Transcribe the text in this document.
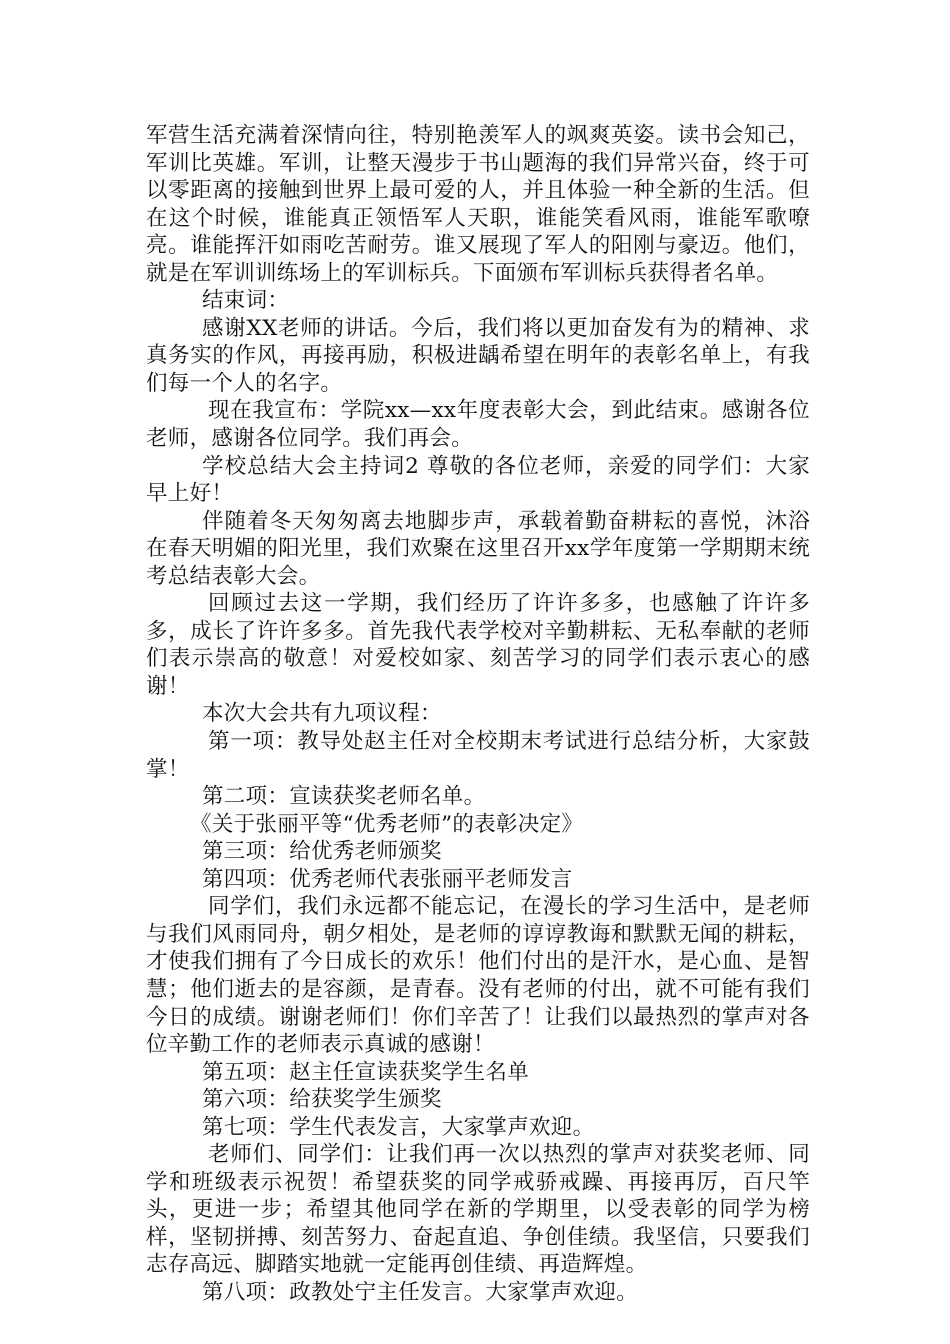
军营生活充满着深情向往，特别艳羡军人的飒爽英姿。读书会知己，军训比英雄。军训，让整天漫步于书山题海的我们异常兴奋，终于可以零距离的接触到世界上最可爱的人，并且体验一种全新的生活。但在这个时候，谁能真正领悟军人天职，谁能笑看风雨，谁能军歌嘹亮。谁能挥汗如雨吃苦耐劳。谁又展现了军人的阳刚与豪迈。他们，就是在军训训练场上的军训标兵。下面颁布军训标兵获得者名单。

结束词：

感谢XX老师的讲话。今后，我们将以更加奋发有为的精神、求真务实的作风，再接再励，积极进龋希望在明年的表彰名单上，有我们每一个人的名字。

现在我宣布：学院xx—xx年度表彰大会，到此结束。感谢各位老师，感谢各位同学。我们再会。

学校总结大会主持词2 尊敬的各位老师，亲爱的同学们：大家早上好！

伴随着冬天匆匆离去地脚步声，承载着勤奋耕耘的喜悦，沐浴在春天明媚的阳光里，我们欢聚在这里召开xx学年度第一学期期末统考总结表彰大会。

回顾过去这一学期，我们经历了许许多多，也感触了许许多多，成长了许许多多。首先我代表学校对辛勤耕耘、无私奉献的老师们表示崇高的敬意！对爱校如家、刻苦学习的同学们表示衷心的感谢！

本次大会共有九项议程：

第一项：教导处赵主任对全校期末考试进行总结分析，大家鼓掌！

第二项：宣读获奖老师名单。

《关于张丽平等“优秀老师”的表彰决定》

第三项：给优秀老师颁奖

第四项：优秀老师代表张丽平老师发言

同学们，我们永远都不能忘记，在漫长的学习生活中，是老师与我们风雨同舟，朝夕相处，是老师的谆谆教诲和默默无闻的耕耘，才使我们拥有了今日成长的欢乐！他们付出的是汗水，是心血、是智慧；他们逝去的是容颜，是青春。没有老师的付出，就不可能有我们今日的成绩。谢谢老师们！你们辛苦了！让我们以最热烈的掌声对各位辛勤工作的老师表示真诚的感谢！

第五项：赵主任宣读获奖学生名单

第六项：给获奖学生颁奖

第七项：学生代表发言，大家掌声欢迎。

老师们、同学们：让我们再一次以热烈的掌声对获奖老师、同学和班级表示祝贺！希望获奖的同学戒骄戒躁、再接再厉，百尺竿头，更进一步；希望其他同学在新的学期里，以受表彰的同学为榜样，坚韧拼搏、刻苦努力、奋起直追、争创佳绩。我坚信，只要我们志存高远、脚踏实地就一定能再创佳绩、再造辉煌。

第八项：政教处宁主任发言。大家掌声欢迎。
